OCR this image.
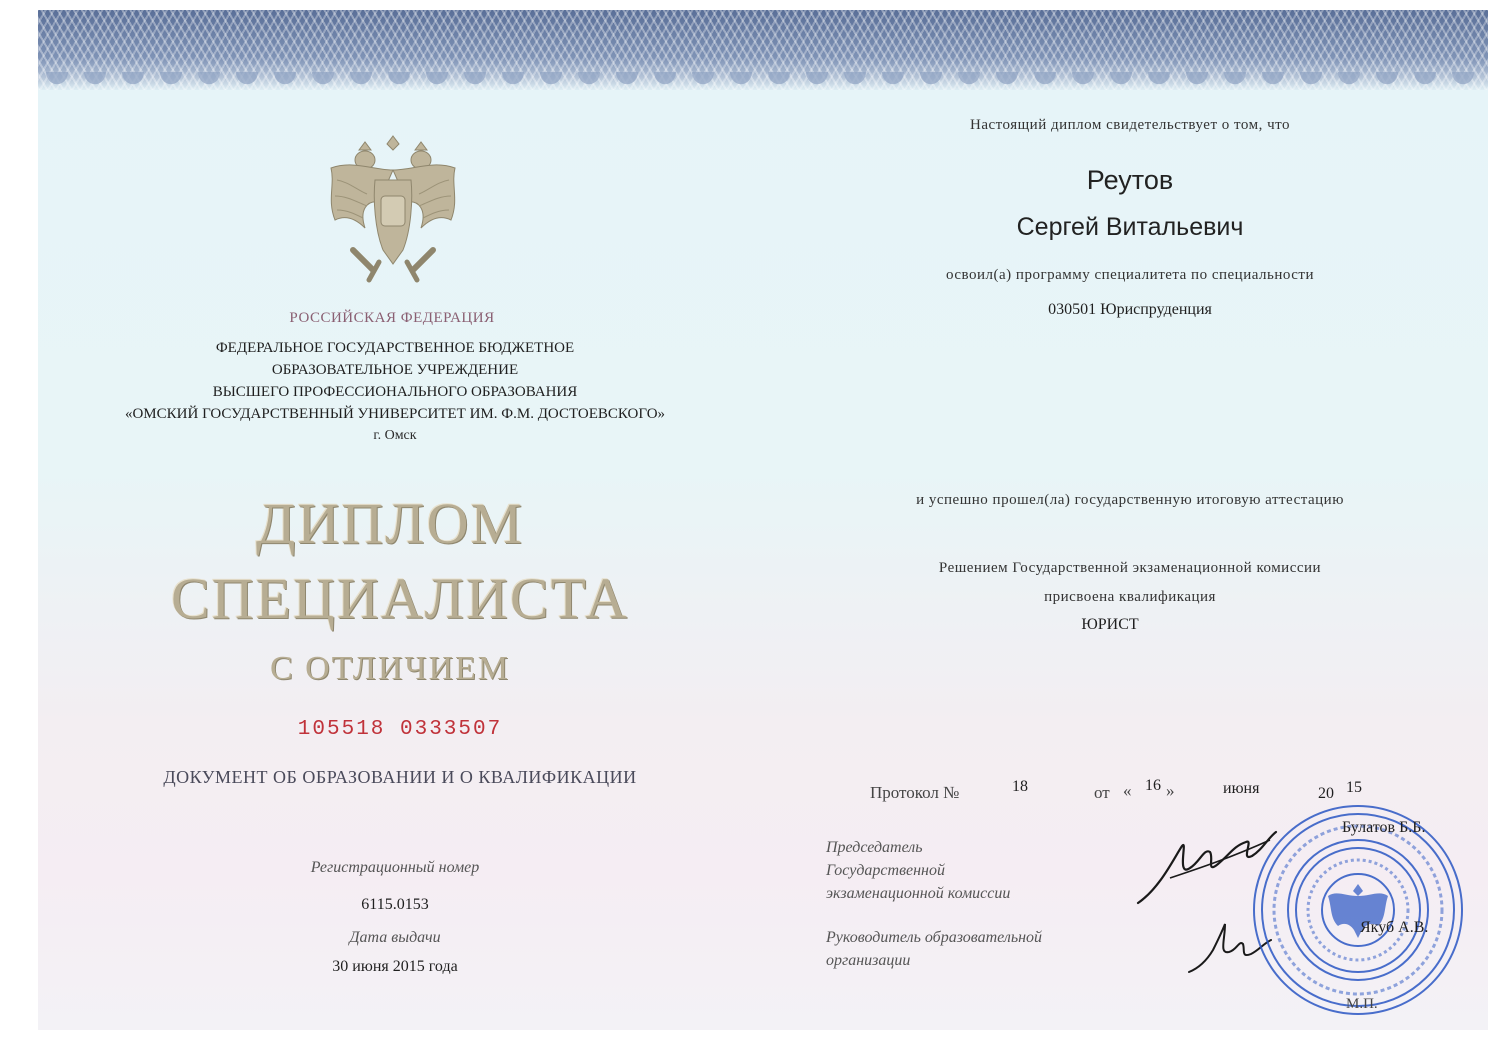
РОССИЙСКАЯ ФЕДЕРАЦИЯ
ФЕДЕРАЛЬНОЕ ГОСУДАРСТВЕННОЕ БЮДЖЕТНОЕ
ОБРАЗОВАТЕЛЬНОЕ УЧРЕЖДЕНИЕ
ВЫСШЕГО ПРОФЕССИОНАЛЬНОГО ОБРАЗОВАНИЯ
«ОМСКИЙ ГОСУДАРСТВЕННЫЙ УНИВЕРСИТЕТ ИМ. Ф.М. ДОСТОЕВСКОГО»
г. Омск
ДИПЛОМ
СПЕЦИАЛИСТА
С ОТЛИЧИЕМ
105518 0333507
ДОКУМЕНТ ОБ ОБРАЗОВАНИИ И О КВАЛИФИКАЦИИ
Регистрационный номер
6115.0153
Дата выдачи
30 июня 2015 года
Настоящий диплом свидетельствует о том, что
Реутов
Сергей Витальевич
освоил(а) программу специалитета по специальности
030501 Юриспруденция
и успешно прошел(ла) государственную итоговую аттестацию
Решением Государственной экзаменационной комиссии
присвоена квалификация
ЮРИСТ
Протокол №	18	от « 16 »	июня	20 15
Председатель
Государственной
экзаменационной комиссии
Руководитель образовательной
организации
Булатов Б.Б.
Якуб А.В.
М.П.
